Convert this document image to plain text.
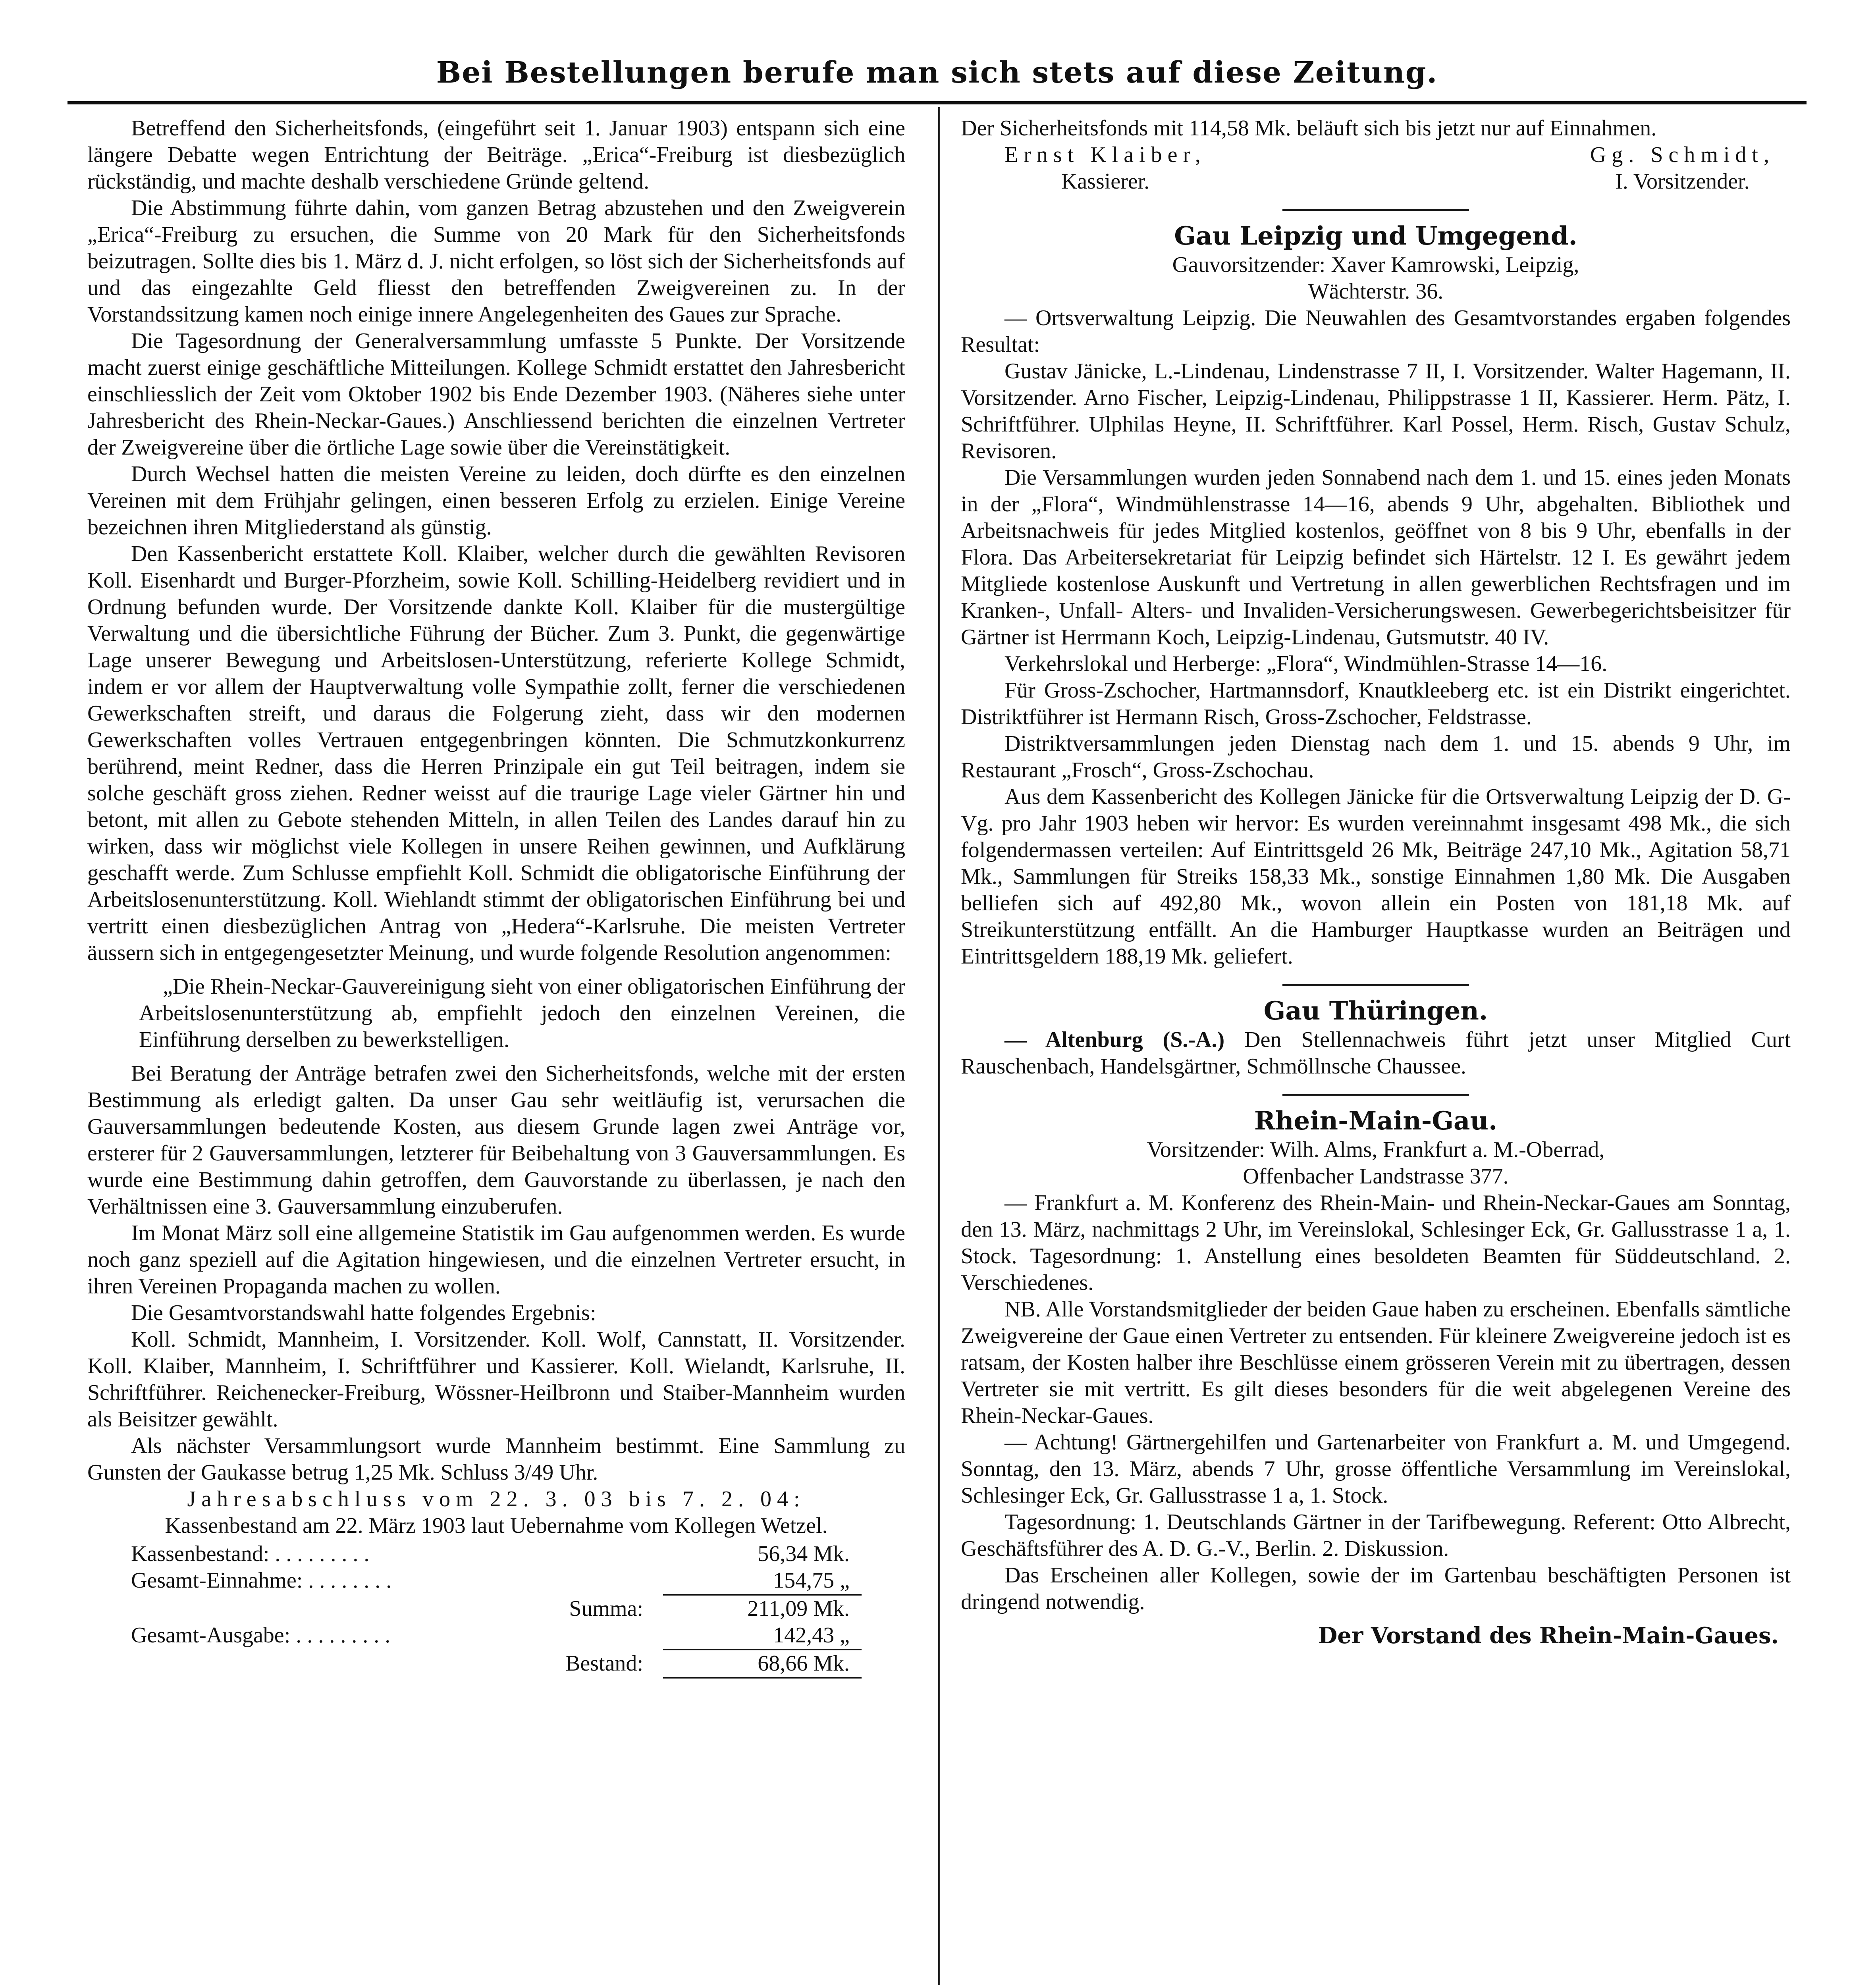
Bei Bestellungen berufe man sich stets auf diese Zeitung.

Betreffend den Sicherheitsfonds, (eingeführt seit 1. Januar 1903) entspann sich eine längere Debatte wegen Entrichtung der Beiträge. „Erica“-Freiburg ist diesbezüglich rückständig, und machte deshalb verschiedene Gründe geltend.

Die Abstimmung führte dahin, vom ganzen Betrag abzustehen und den Zweigverein „Erica“-Freiburg zu ersuchen, die Summe von 20 Mark für den Sicherheitsfonds beizutragen. Sollte dies bis 1. März d. J. nicht erfolgen, so löst sich der Sicherheitsfonds auf und das eingezahlte Geld fliesst den betreffenden Zweigvereinen zu. In der Vorstandssitzung kamen noch einige innere Angelegenheiten des Gaues zur Sprache.

Die Tagesordnung der Generalversammlung umfasste 5 Punkte. Der Vorsitzende macht zuerst einige geschäftliche Mitteilungen. Kollege Schmidt erstattet den Jahresbericht einschliesslich der Zeit vom Oktober 1902 bis Ende Dezember 1903. (Näheres siehe unter Jahresbericht des Rhein-Neckar-Gaues.) Anschliessend berichten die einzelnen Vertreter der Zweigvereine über die örtliche Lage sowie über die Vereinstätigkeit.

Durch Wechsel hatten die meisten Vereine zu leiden, doch dürfte es den einzelnen Vereinen mit dem Frühjahr gelingen, einen besseren Erfolg zu erzielen. Einige Vereine bezeichnen ihren Mitgliederstand als günstig.

Den Kassenbericht erstattete Koll. Klaiber, welcher durch die gewählten Revisoren Koll. Eisenhardt und Burger-Pforzheim, sowie Koll. Schilling-Heidelberg revidiert und in Ordnung befunden wurde. Der Vorsitzende dankte Koll. Klaiber für die mustergültige Verwaltung und die übersichtliche Führung der Bücher. Zum 3. Punkt, die gegenwärtige Lage unserer Bewegung und Arbeitslosen-Unterstützung, referierte Kollege Schmidt, indem er vor allem der Hauptverwaltung volle Sympathie zollt, ferner die verschiedenen Gewerkschaften streift, und daraus die Folgerung zieht, dass wir den modernen Gewerkschaften volles Vertrauen entgegenbringen könnten. Die Schmutzkonkurrenz berührend, meint Redner, dass die Herren Prinzipale ein gut Teil beitragen, indem sie solche geschäft gross ziehen. Redner weisst auf die traurige Lage vieler Gärtner hin und betont, mit allen zu Gebote stehenden Mitteln, in allen Teilen des Landes darauf hin zu wirken, dass wir möglichst viele Kollegen in unsere Reihen gewinnen, und Aufklärung geschafft werde. Zum Schlusse empfiehlt Koll. Schmidt die obligatorische Einführung der Arbeitslosenunterstützung. Koll. Wiehlandt stimmt der obligatorischen Einführung bei und vertritt einen diesbezüglichen Antrag von „Hedera“-Karlsruhe. Die meisten Vertreter äussern sich in entgegengesetzter Meinung, und wurde folgende Resolution angenommen:

„Die Rhein-Neckar-Gauvereinigung sieht von einer obligatorischen Einführung der Arbeitslosenunterstützung ab, empfiehlt jedoch den einzelnen Vereinen, die Einführung derselben zu bewerkstelligen.

Bei Beratung der Anträge betrafen zwei den Sicherheitsfonds, welche mit der ersten Bestimmung als erledigt galten. Da unser Gau sehr weitläufig ist, verursachen die Gauversammlungen bedeutende Kosten, aus diesem Grunde lagen zwei Anträge vor, ersterer für 2 Gauversammlungen, letzterer für Beibehaltung von 3 Gauversammlungen. Es wurde eine Bestimmung dahin getroffen, dem Gauvorstande zu überlassen, je nach den Verhältnissen eine 3. Gauversammlung einzuberufen.

Im Monat März soll eine allgemeine Statistik im Gau aufgenommen werden. Es wurde noch ganz speziell auf die Agitation hingewiesen, und die einzelnen Vertreter ersucht, in ihren Vereinen Propaganda machen zu wollen.

Die Gesamtvorstandswahl hatte folgendes Ergebnis:

Koll. Schmidt, Mannheim, I. Vorsitzender. Koll. Wolf, Cannstatt, II. Vorsitzender. Koll. Klaiber, Mannheim, I. Schriftführer und Kassierer. Koll. Wielandt, Karlsruhe, II. Schriftführer. Reichenecker-Freiburg, Wössner-Heilbronn und Staiber-Mannheim wurden als Beisitzer gewählt.

Als nächster Versammlungsort wurde Mannheim bestimmt. Eine Sammlung zu Gunsten der Gaukasse betrug 1,25 Mk. Schluss 3/49 Uhr.

Jahresabschluss vom 22. 3. 03 bis 7. 2. 04:

Kassenbestand am 22. März 1903 laut Uebernahme vom Kollegen Wetzel.

Kassenbestand: . . . . . . . . .	56,34 Mk.
Gesamt-Einnahme: . . . . . . . .	154,75 „
Summa:	211,09 Mk.
Gesamt-Ausgabe: . . . . . . . . .	142,43 „
Bestand:	68,66 Mk.

Der Sicherheitsfonds mit 114,58 Mk. beläuft sich bis jetzt nur auf Einnahmen.

Ernst Klaiber,
Kassierer.
Gg. Schmidt,
I. Vorsitzender.
Gau Leipzig und Umgegend.

Gauvorsitzender: Xaver Kamrowski, Leipzig,

Wächterstr. 36.

— Ortsverwaltung Leipzig. Die Neuwahlen des Gesamtvorstandes ergaben folgendes Resultat:

Gustav Jänicke, L.-Lindenau, Lindenstrasse 7 II, I. Vorsitzender. Walter Hagemann, II. Vorsitzender. Arno Fischer, Leipzig-Lindenau, Philippstrasse 1 II, Kassierer. Herm. Pätz, I. Schriftführer. Ulphilas Heyne, II. Schriftführer. Karl Possel, Herm. Risch, Gustav Schulz, Revisoren.

Die Versammlungen wurden jeden Sonnabend nach dem 1. und 15. eines jeden Monats in der „Flora“, Windmühlenstrasse 14—16, abends 9 Uhr, abgehalten. Bibliothek und Arbeitsnachweis für jedes Mitglied kostenlos, geöffnet von 8 bis 9 Uhr, ebenfalls in der Flora. Das Arbeitersekretariat für Leipzig befindet sich Härtelstr. 12 I. Es gewährt jedem Mitgliede kostenlose Auskunft und Vertretung in allen gewerblichen Rechtsfragen und im Kranken-, Unfall- Alters- und Invaliden-Versicherungswesen. Gewerbegerichtsbeisitzer für Gärtner ist Herrmann Koch, Leipzig-Lindenau, Gutsmutstr. 40 IV.

Verkehrslokal und Herberge: „Flora“, Windmühlen-Strasse 14—16.

Für Gross-Zschocher, Hartmannsdorf, Knautkleeberg etc. ist ein Distrikt eingerichtet. Distriktführer ist Hermann Risch, Gross-Zschocher, Feldstrasse.

Distriktversammlungen jeden Dienstag nach dem 1. und 15. abends 9 Uhr, im Restaurant „Frosch“, Gross-Zschochau.

Aus dem Kassenbericht des Kollegen Jänicke für die Ortsverwaltung Leipzig der D. G-Vg. pro Jahr 1903 heben wir hervor: Es wurden vereinnahmt insgesamt 498 Mk., die sich folgendermassen verteilen: Auf Eintrittsgeld 26 Mk, Beiträge 247,10 Mk., Agitation 58,71 Mk., Sammlungen für Streiks 158,33 Mk., sonstige Einnahmen 1,80 Mk. Die Ausgaben belliefen sich auf 492,80 Mk., wovon allein ein Posten von 181,18 Mk. auf Streikunterstützung entfällt. An die Hamburger Hauptkasse wurden an Beiträgen und Eintrittsgeldern 188,19 Mk. geliefert.

Gau Thüringen.

— Altenburg (S.-A.) Den Stellennachweis führt jetzt unser Mitglied Curt Rauschenbach, Handelsgärtner, Schmöllnsche Chaussee.

Rhein-Main-Gau.

Vorsitzender: Wilh. Alms, Frankfurt a. M.-Oberrad,

Offenbacher Landstrasse 377.

— Frankfurt a. M. Konferenz des Rhein-Main- und Rhein-Neckar-Gaues am Sonntag, den 13. März, nachmittags 2 Uhr, im Vereinslokal, Schlesinger Eck, Gr. Gallusstrasse 1 a, 1. Stock. Tagesordnung: 1. Anstellung eines besoldeten Beamten für Süddeutschland. 2. Verschiedenes.

NB. Alle Vorstandsmitglieder der beiden Gaue haben zu erscheinen. Ebenfalls sämtliche Zweigvereine der Gaue einen Vertreter zu entsenden. Für kleinere Zweigvereine jedoch ist es ratsam, der Kosten halber ihre Beschlüsse einem grösseren Verein mit zu übertragen, dessen Vertreter sie mit vertritt. Es gilt dieses besonders für die weit abgelegenen Vereine des Rhein-Neckar-Gaues.

— Achtung! Gärtnergehilfen und Gartenarbeiter von Frankfurt a. M. und Umgegend. Sonntag, den 13. März, abends 7 Uhr, grosse öffentliche Versammlung im Vereinslokal, Schlesinger Eck, Gr. Gallusstrasse 1 a, 1. Stock.

Tagesordnung: 1. Deutschlands Gärtner in der Tarifbewegung. Referent: Otto Albrecht, Geschäftsführer des A. D. G.-V., Berlin. 2. Diskussion.

Das Erscheinen aller Kollegen, sowie der im Gartenbau beschäftigten Personen ist dringend notwendig.

Der Vorstand des Rhein-Main-Gaues.
